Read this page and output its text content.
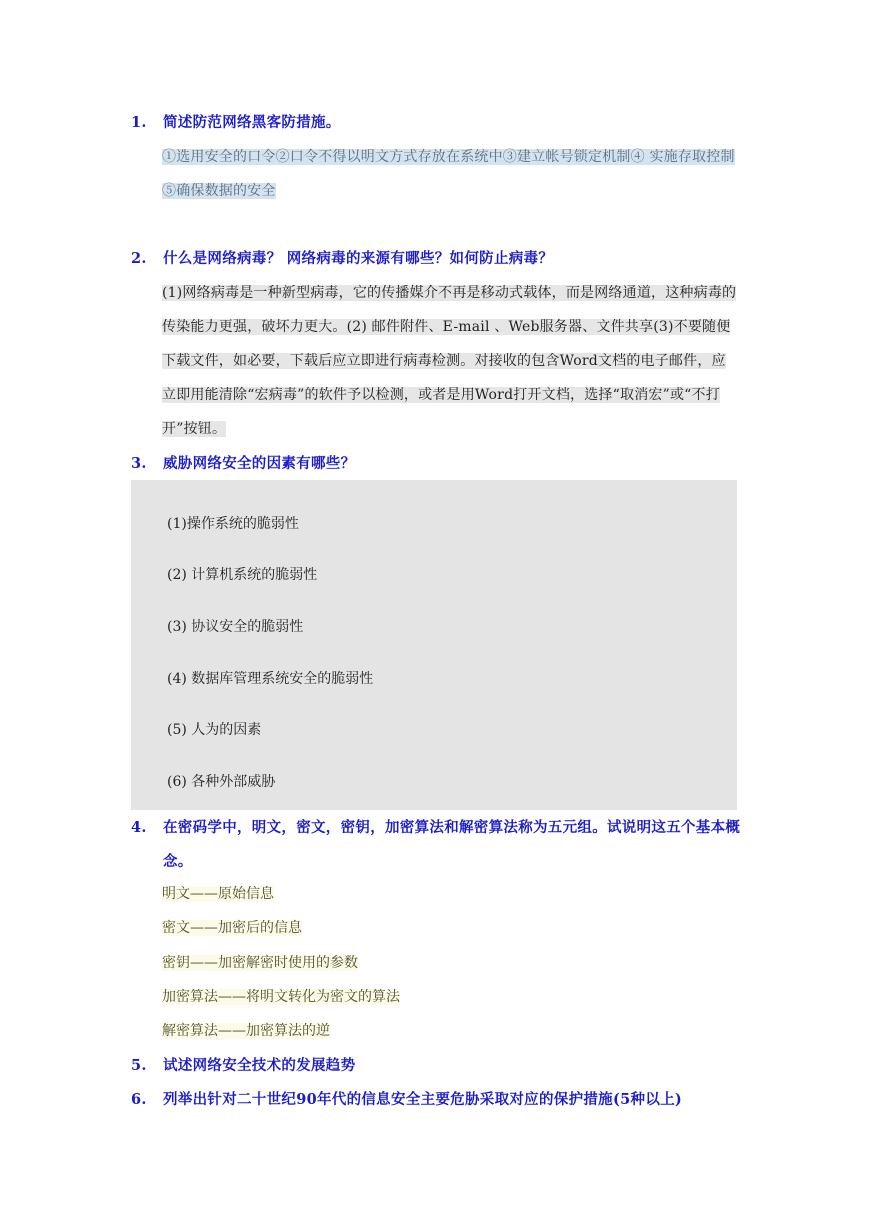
1. 简述防范网络黑客防措施。
①选用安全的口令②口令不得以明文方式存放在系统中③建立帐号锁定机制④ 实施存取控制⑤确保数据的安全
2. 什么是网络病毒？ 网络病毒的来源有哪些？如何防止病毒？
(1)网络病毒是一种新型病毒，它的传播媒介不再是移动式载体，而是网络通道，这种病毒的传染能力更强，破坏力更大。(2) 邮件附件、E-mail 、Web服务器、文件共享(3)不要随便下载文件，如必要，下载后应立即进行病毒检测。对接收的包含Word文档的电子邮件，应立即用能清除“宏病毒”的软件予以检测，或者是用Word打开文档，选择“取消宏”或“不打开”按钮。
3. 威胁网络安全的因素有哪些？
(1)操作系统的脆弱性
(2) 计算机系统的脆弱性
(3) 协议安全的脆弱性
(4) 数据库管理系统安全的脆弱性
(5) 人为的因素
(6) 各种外部威胁
4. 在密码学中，明文，密文，密钥，加密算法和解密算法称为五元组。试说明这五个基本概念。
明文——原始信息
密文——加密后的信息
密钥——加密解密时使用的参数
加密算法——将明文转化为密文的算法
解密算法——加密算法的逆
5. 试述网络安全技术的发展趋势
6. 列举出针对二十世纪90年代的信息安全主要危胁采取对应的保护措施(5种以上)
